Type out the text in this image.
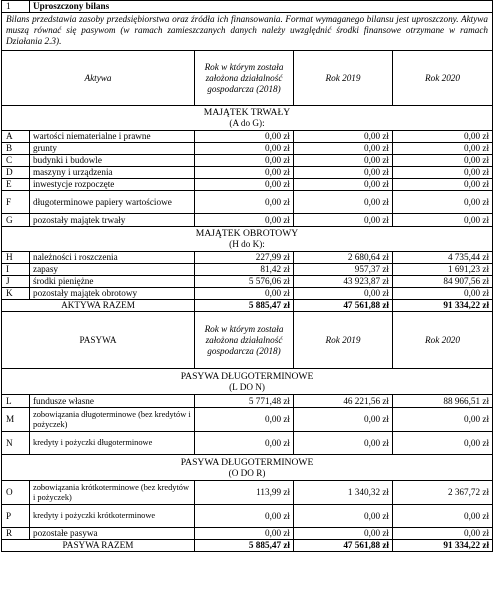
1	Uproszczony bilans			
Bilans przedstawia zasoby przedsiębiorstwa oraz źródła ich finansowania. Format wymaganego bilansu jest uproszczony. Aktywa muszą równać się pasywom (w ramach zamieszczanych danych należy uwzględnić środki finansowe otrzymane w ramach Działania 2.3).				
Aktywa		Rok w którym została założona działalność gospodarcza (2018)	Rok 2019	Rok 2020

MAJĄTEK TRWAŁY
(A do G):				

A	wartości niematerialne i prawne	0,00 zł	0,00 zł	0,00 zł
B	grunty	0,00 zł	0,00 zł	0,00 zł
C	budynki i budowle	0,00 zł	0,00 zł	0,00 zł
D	maszyny i urządzenia	0,00 zł	0,00 zł	0,00 zł
E	inwestycje rozpoczęte	0,00 zł	0,00 zł	0,00 zł
F	długoterminowe papiery wartościowe	0,00 zł	0,00 zł	0,00 zł
G	pozostały majątek trwały	0,00 zł	0,00 zł	0,00 zł

MAJĄTEK OBROTOWY
(H do K):				

H	należności i roszczenia	227,99 zł	2 680,64 zł	4 735,44 zł
I	zapasy	81,42 zł	957,37 zł	1 691,23 zł
J	środki pieniężne	5 576,06 zł	43 923,87 zł	84 907,56 zł
K	pozostały majątek obrotowy	0,00 zł	0,00 zł	0,00 zł
AKTYWA RAZEM		5 885,47 zł	47 561,88 zł	91 334,22 zł
PASYWA		Rok w którym została założona działalność gospodarcza (2018)	Rok 2019	Rok 2020

PASYWA DŁUGOTERMINOWE
(L DO N)				

L	fundusze własne	5 771,48 zł	46 221,56 zł	88 966,51 zł
M	zobowiązania długoterminowe (bez kredytów i pożyczek)	0,00 zł	0,00 zł	0,00 zł
N	kredyty i pożyczki długoterminowe	0,00 zł	0,00 zł	0,00 zł

PASYWA DŁUGOTERMINOWE
(O DO R)				

O	zobowiązania krótkoterminowe (bez kredytów i pożyczek)	113,99 zł	1 340,32 zł	2 367,72 zł
P	kredyty i pożyczki krótkoterminowe	0,00 zł	0,00 zł	0,00 zł
R	pozostałe pasywa	0,00 zł	0,00 zł	0,00 zł
PASYWA RAZEM		5 885,47 zł	47 561,88 zł	91 334,22 zł
